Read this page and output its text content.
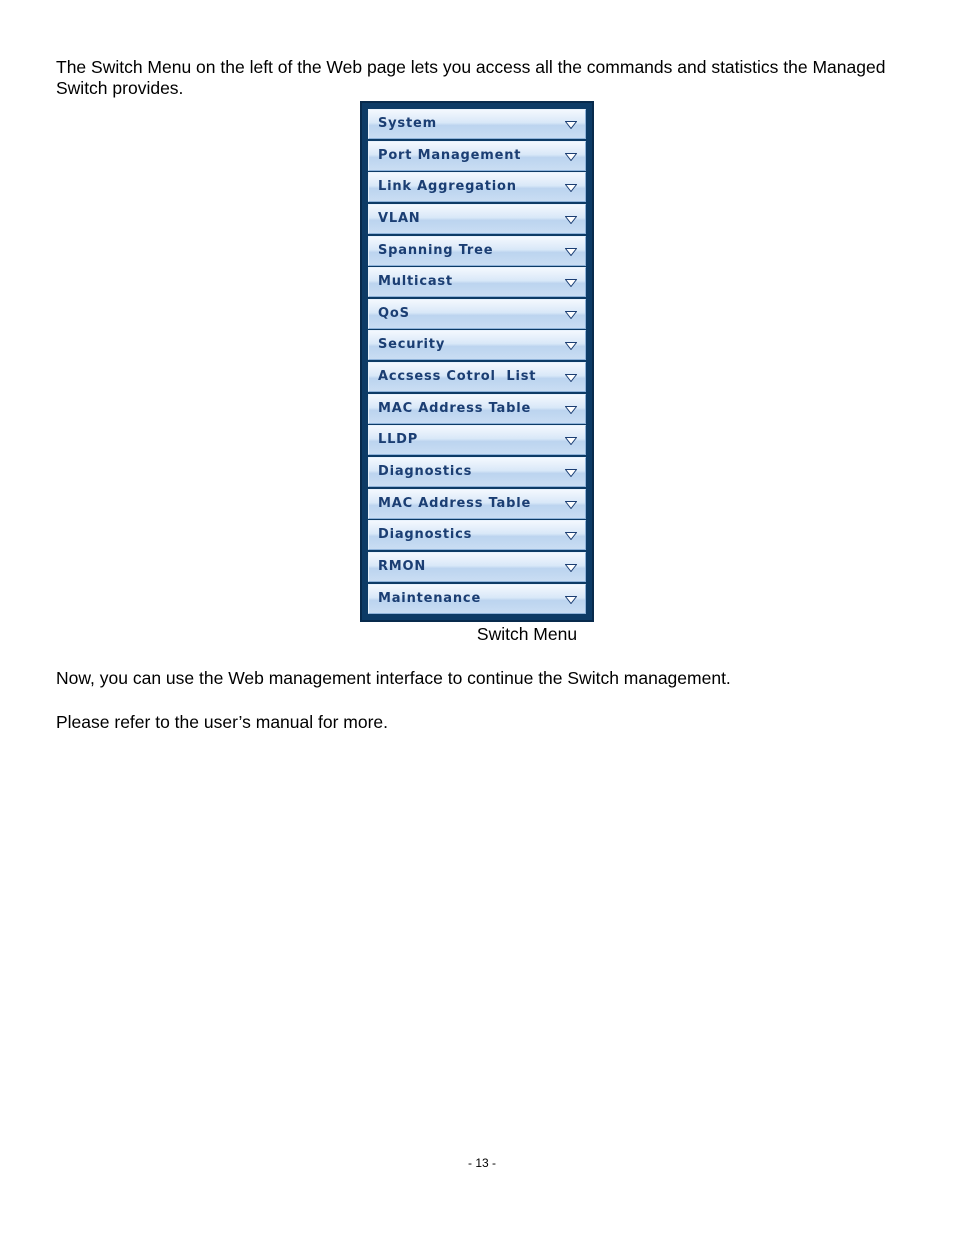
The Switch Menu on the left of the Web page lets you access all the commands and statistics the Managed Switch provides.

System
Port Management
Link Aggregation
VLAN
Spanning Tree
Multicast
QoS
Security
Accsess Cotrol  List
MAC Address Table
LLDP
Diagnostics
MAC Address Table
Diagnostics
RMON
Maintenance
Switch Menu

Now, you can use the Web management interface to continue the Switch management.

Please refer to the user’s manual for more.

- 13 -
